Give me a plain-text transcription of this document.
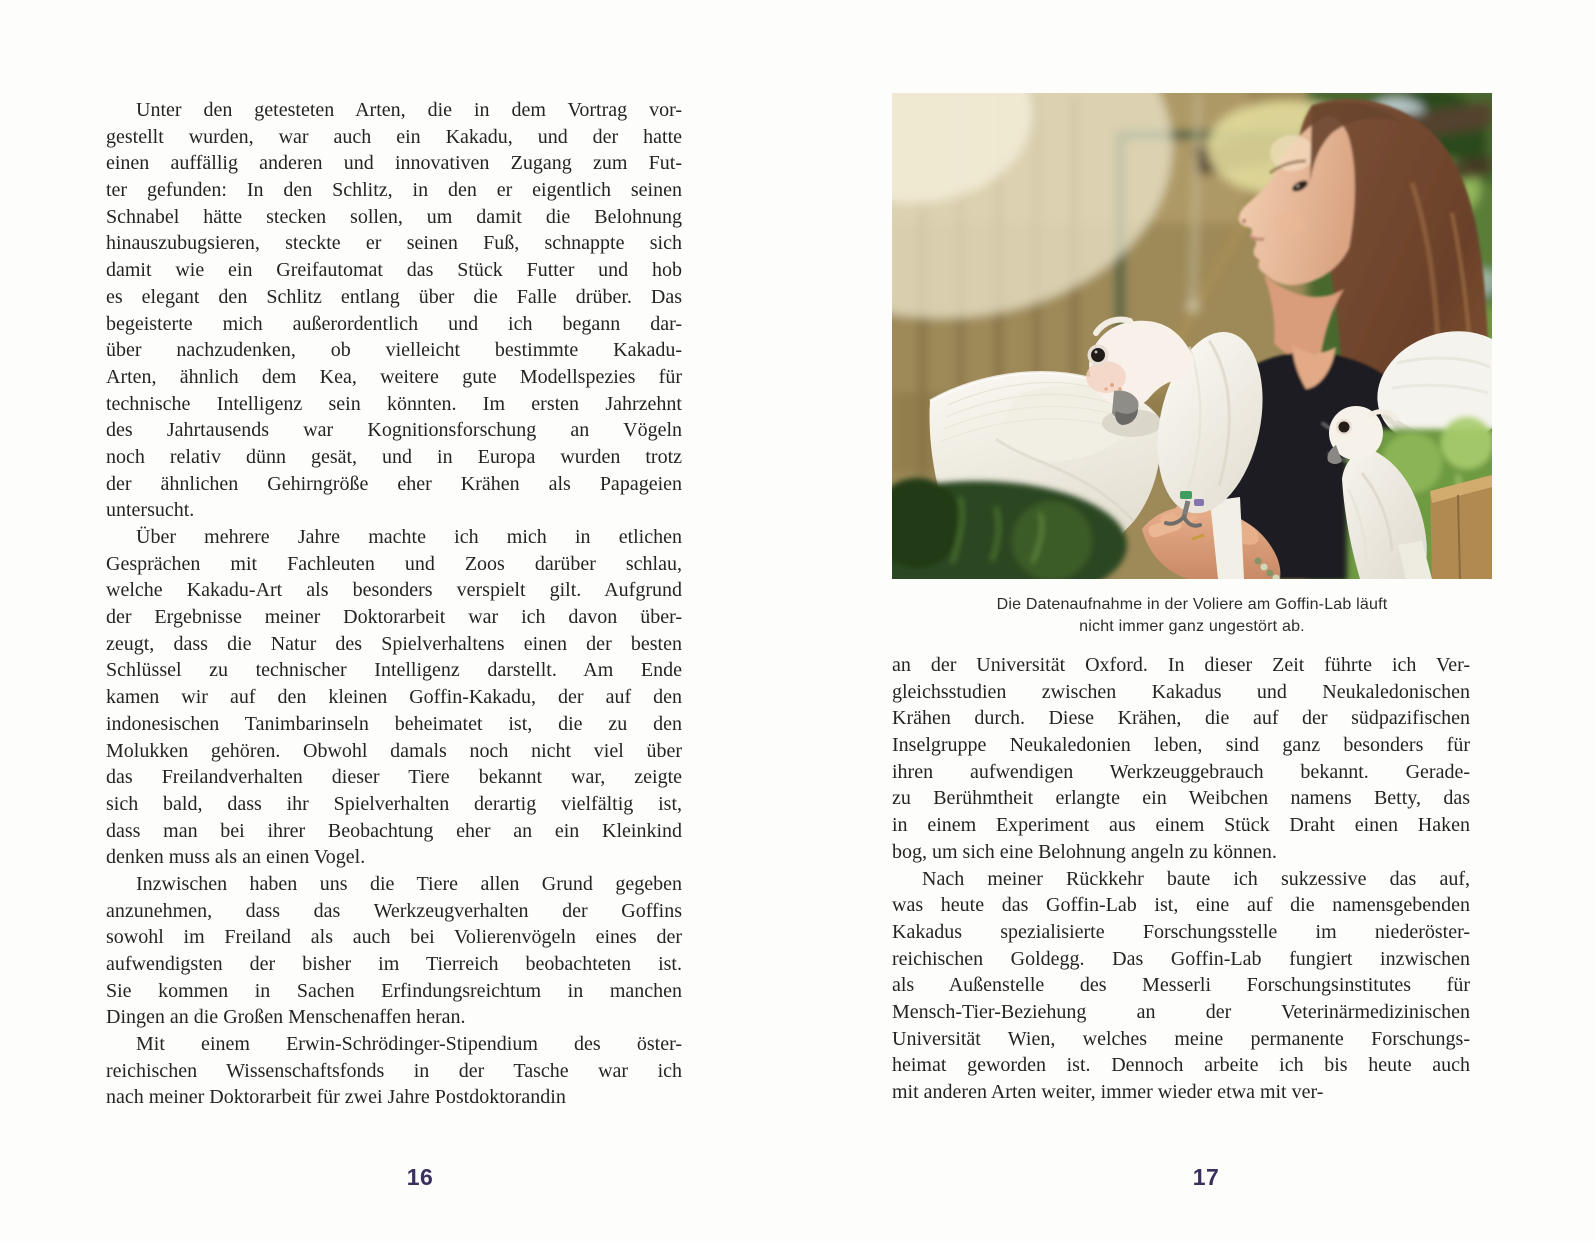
Unter den getesteten Arten, die in dem Vortrag vor-
gestellt wurden, war auch ein Kakadu, und der hatte
einen auffällig anderen und innovativen Zugang zum Fut-
ter gefunden: In den Schlitz, in den er eigentlich seinen
Schnabel hätte stecken sollen, um damit die Belohnung
hinauszubugsieren, steckte er seinen Fuß, schnappte sich
damit wie ein Greifautomat das Stück Futter und hob
es elegant den Schlitz entlang über die Falle drüber. Das
begeisterte mich außerordentlich und ich begann dar-
über nachzudenken, ob vielleicht bestimmte Kakadu-
Arten, ähnlich dem Kea, weitere gute Modellspezies für
technische Intelligenz sein könnten. Im ersten Jahrzehnt
des Jahrtausends war Kognitionsforschung an Vögeln
noch relativ dünn gesät, und in Europa wurden trotz
der ähnlichen Gehirngröße eher Krähen als Papageien
untersucht.
Über mehrere Jahre machte ich mich in etlichen
Gesprächen mit Fachleuten und Zoos darüber schlau,
welche Kakadu-Art als besonders verspielt gilt. Aufgrund
der Ergebnisse meiner Doktorarbeit war ich davon über-
zeugt, dass die Natur des Spielverhaltens einen der besten
Schlüssel zu technischer Intelligenz darstellt. Am Ende
kamen wir auf den kleinen Goffin-Kakadu, der auf den
indonesischen Tanimbarinseln beheimatet ist, die zu den
Molukken gehören. Obwohl damals noch nicht viel über
das Freilandverhalten dieser Tiere bekannt war, zeigte
sich bald, dass ihr Spielverhalten derartig vielfältig ist,
dass man bei ihrer Beobachtung eher an ein Kleinkind
denken muss als an einen Vogel.
Inzwischen haben uns die Tiere allen Grund gegeben
anzunehmen, dass das Werkzeugverhalten der Goffins
sowohl im Freiland als auch bei Volierenvögeln eines der
aufwendigsten der bisher im Tierreich beobachteten ist.
Sie kommen in Sachen Erfindungsreichtum in manchen
Dingen an die Großen Menschenaffen heran.
Mit einem Erwin-Schrödinger-Stipendium des öster-
reichischen Wissenschaftsfonds in der Tasche war ich
nach meiner Doktorarbeit für zwei Jahre Postdoktorandin
16
Die Datenaufnahme in der Voliere am Goffin-Lab läuft
nicht immer ganz ungestört ab.
an der Universität Oxford. In dieser Zeit führte ich Ver-
gleichsstudien zwischen Kakadus und Neukaledonischen
Krähen durch. Diese Krähen, die auf der südpazifischen
Inselgruppe Neukaledonien leben, sind ganz besonders für
ihren aufwendigen Werkzeuggebrauch bekannt. Gerade-
zu Berühmtheit erlangte ein Weibchen namens Betty, das
in einem Experiment aus einem Stück Draht einen Haken
bog, um sich eine Belohnung angeln zu können.
Nach meiner Rückkehr baute ich sukzessive das auf,
was heute das Goffin-Lab ist, eine auf die namensgebenden
Kakadus spezialisierte Forschungsstelle im niederöster-
reichischen Goldegg. Das Goffin-Lab fungiert inzwischen
als Außenstelle des Messerli Forschungsinstitutes für
Mensch-Tier-Beziehung an der Veterinärmedizinischen
Universität Wien, welches meine permanente Forschungs-
heimat geworden ist. Dennoch arbeite ich bis heute auch
mit anderen Arten weiter, immer wieder etwa mit ver-
17
